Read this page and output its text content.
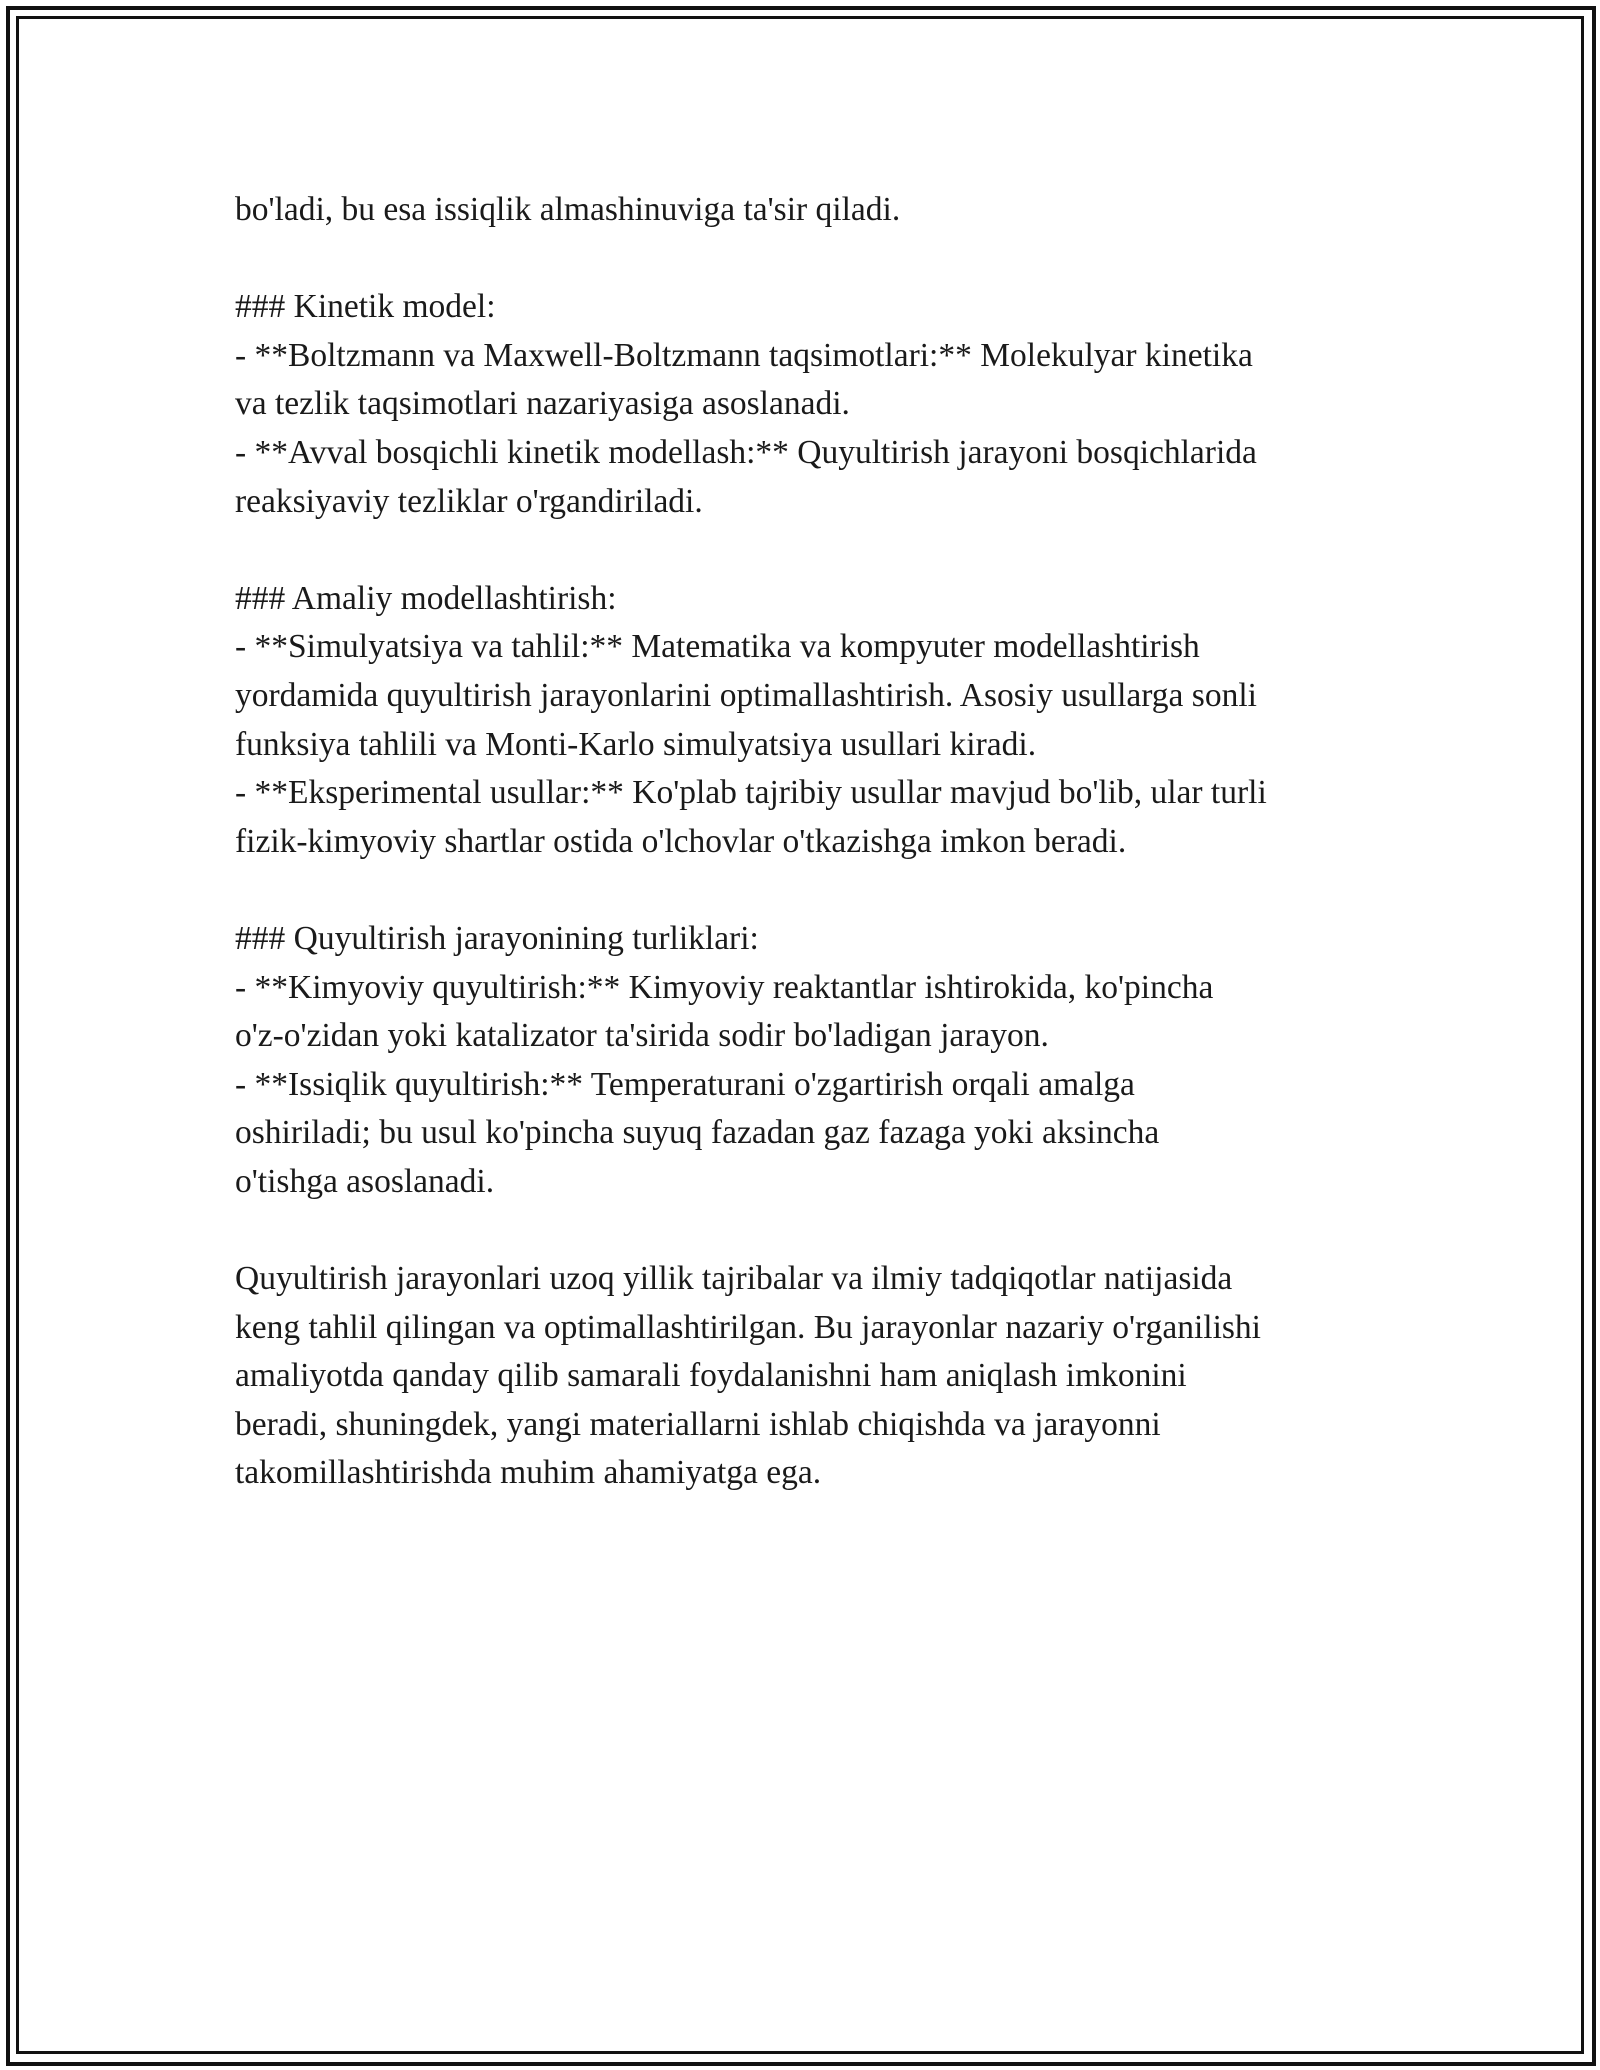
bo'ladi, bu esa issiqlik almashinuviga ta'sir qiladi.

### Kinetik model:

- **Boltzmann va Maxwell-Boltzmann taqsimotlari:** Molekulyar kinetika

va tezlik taqsimotlari nazariyasiga asoslanadi.

- **Avval bosqichli kinetik modellash:** Quyultirish jarayoni bosqichlarida

reaksiyaviy tezliklar o'rgandiriladi.

### Amaliy modellashtirish:

- **Simulyatsiya va tahlil:** Matematika va kompyuter modellashtirish

yordamida quyultirish jarayonlarini optimallashtirish. Asosiy usullarga sonli

funksiya tahlili va Monti-Karlo simulyatsiya usullari kiradi.

- **Eksperimental usullar:** Ko'plab tajribiy usullar mavjud bo'lib, ular turli

fizik-kimyoviy shartlar ostida o'lchovlar o'tkazishga imkon beradi.

### Quyultirish jarayonining turliklari:

- **Kimyoviy quyultirish:** Kimyoviy reaktantlar ishtirokida, ko'pincha

o'z-o'zidan yoki katalizator ta'sirida sodir bo'ladigan jarayon.

- **Issiqlik quyultirish:** Temperaturani o'zgartirish orqali amalga

oshiriladi; bu usul ko'pincha suyuq fazadan gaz fazaga yoki aksincha

o'tishga asoslanadi.

Quyultirish jarayonlari uzoq yillik tajribalar va ilmiy tadqiqotlar natijasida

keng tahlil qilingan va optimallashtirilgan. Bu jarayonlar nazariy o'rganilishi

amaliyotda qanday qilib samarali foydalanishni ham aniqlash imkonini

beradi, shuningdek, yangi materiallarni ishlab chiqishda va jarayonni

takomillashtirishda muhim ahamiyatga ega.
